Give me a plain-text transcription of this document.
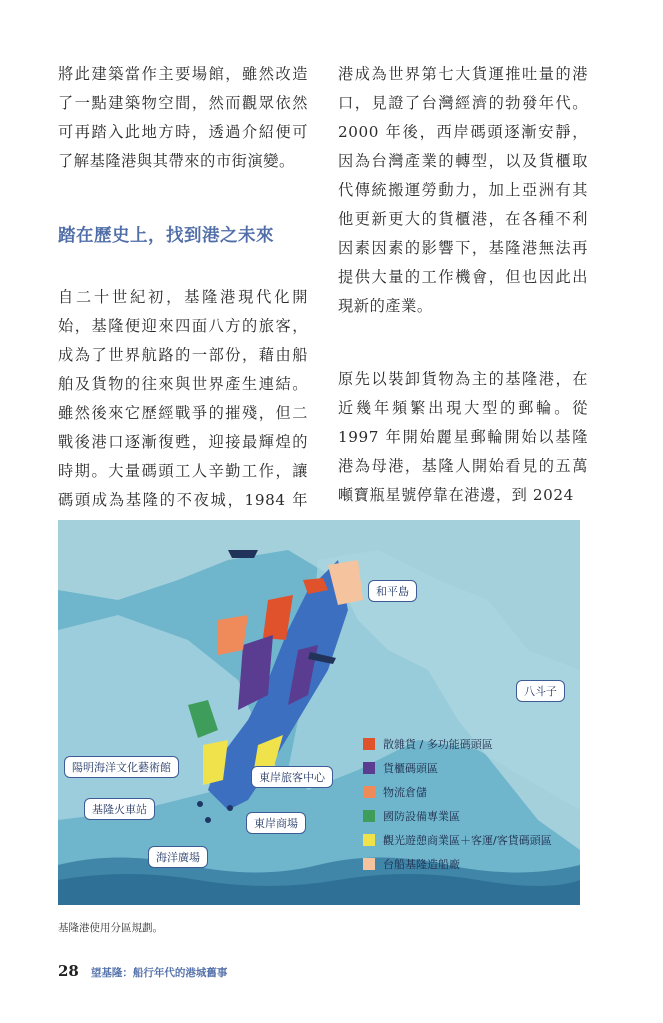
將此建築當作主要場館，雖然改造了一點建築物空間，然而觀眾依然可再踏入此地方時，透過介紹便可了解基隆港與其帶來的市街演變。

踏在歷史上，找到港之未來

自二十世紀初，基隆港現代化開始，基隆便迎來四面八方的旅客，成為了世界航路的一部份，藉由船舶及貨物的往來與世界產生連結。雖然後來它歷經戰爭的摧殘，但二戰後港口逐漸復甦，迎接最輝煌的時期。大量碼頭工人辛勤工作，讓碼頭成為基隆的不夜城，1984 年

港成為世界第七大貨運推吐量的港口，見證了台灣經濟的勃發年代。2000 年後，西岸碼頭逐漸安靜，因為台灣產業的轉型，以及貨櫃取代傳統搬運勞動力，加上亞洲有其他更新更大的貨櫃港，在各種不利因素因素的影響下，基隆港無法再提供大量的工作機會，但也因此出現新的產業。

原先以裝卸貨物為主的基隆港，在近幾年頻繁出現大型的郵輪。從 1997 年開始麗星郵輪開始以基隆港為母港，基隆人開始看見的五萬噸寶瓶星號停靠在港邊，到 2024

和平島
八斗子
陽明海洋文化藝術館
基隆火車站
海洋廣場
東岸旅客中心
東岸商場
散雜貨 / 多功能碼頭區
貨櫃碼頭區
物流倉儲
國防設備專業區
觀光遊憩商業區＋客運/客貨碼頭區
台船基隆造船廠
基隆港使用分區規劃。
28 望基隆：船行年代的港城舊事
